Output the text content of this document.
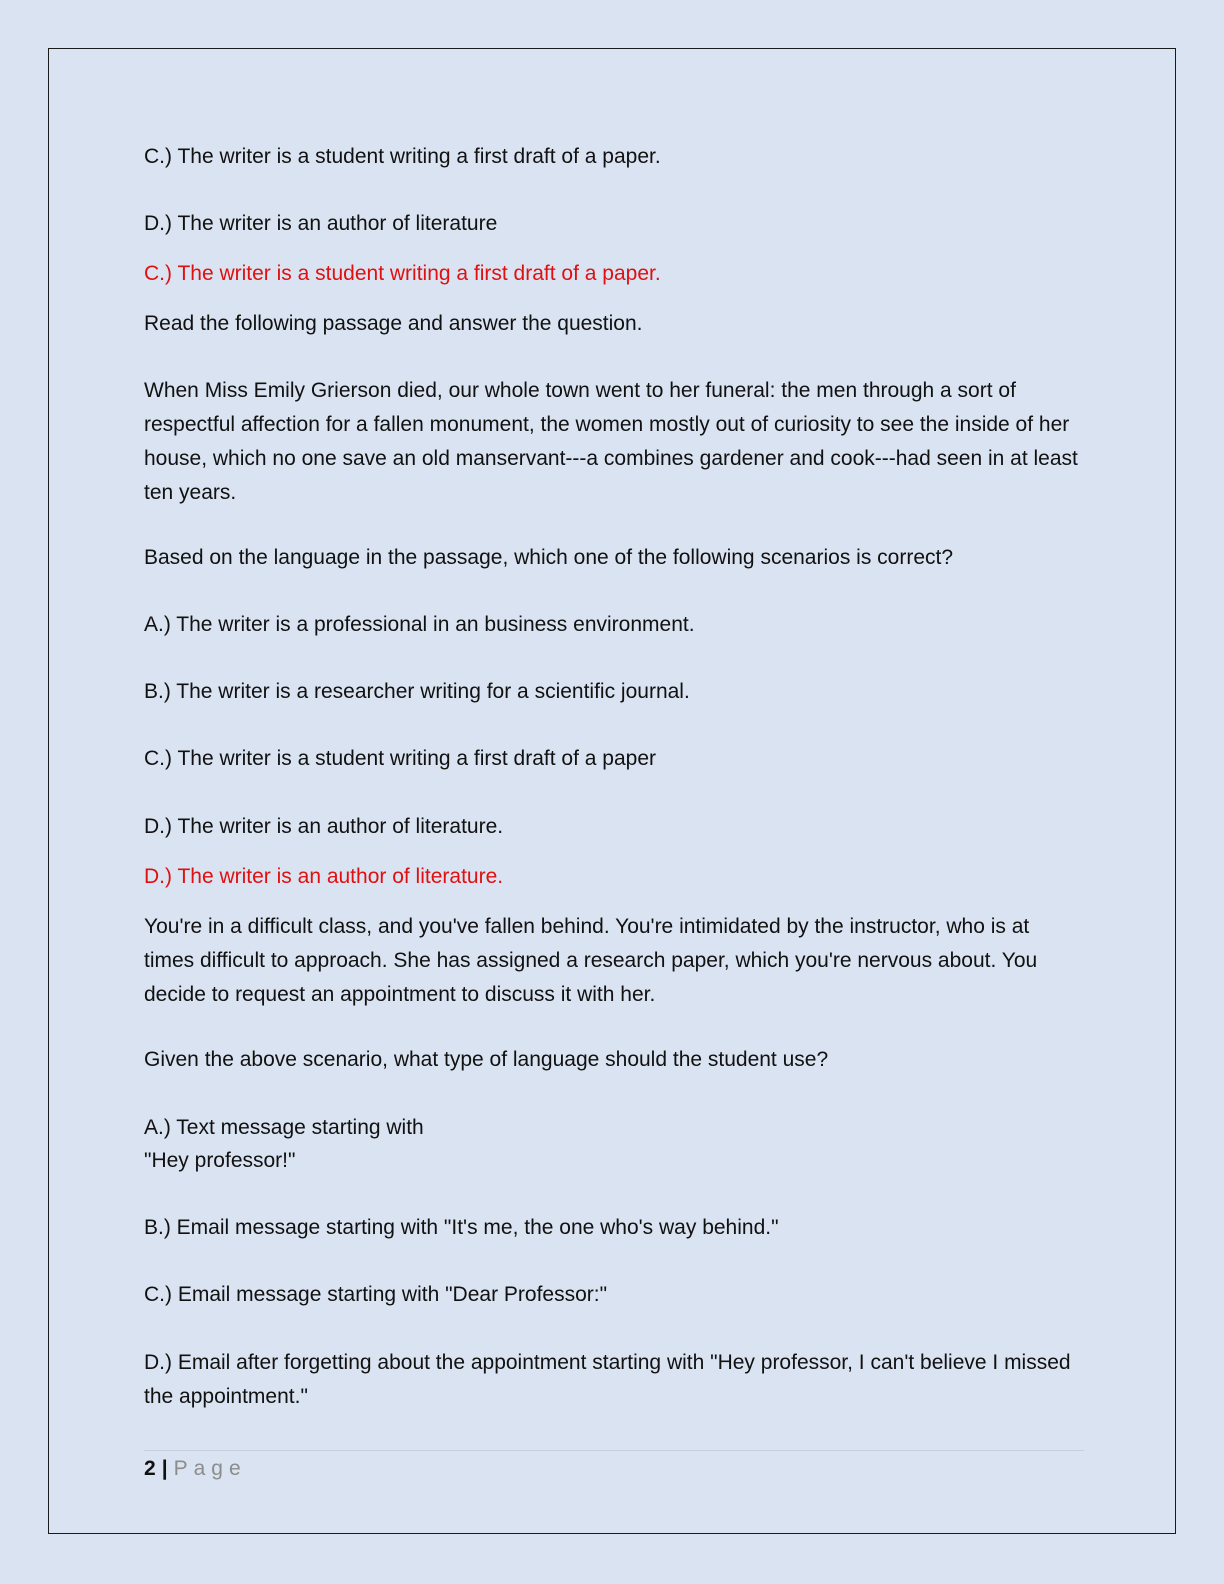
C.) The writer is a student writing a first draft of a paper.

D.) The writer is an author of literature

C.) The writer is a student writing a first draft of a paper.

Read the following passage and answer the question.

When Miss Emily Grierson died, our whole town went to her funeral: the men through a sort of respectful affection for a fallen monument, the women mostly out of curiosity to see the inside of her house, which no one save an old manservant---a combines gardener and cook---had seen in at least ten years.

Based on the language in the passage, which one of the following scenarios is correct?

A.) The writer is a professional in an business environment.

B.) The writer is a researcher writing for a scientific journal.

C.) The writer is a student writing a first draft of a paper

D.) The writer is an author of literature.

D.) The writer is an author of literature.

You're in a difficult class, and you've fallen behind. You're intimidated by the instructor, who is at times difficult to approach. She has assigned a research paper, which you're nervous about. You decide to request an appointment to discuss it with her.

Given the above scenario, what type of language should the student use?

A.) Text message starting with

"Hey professor!"

B.) Email message starting with "It's me, the one who's way behind."

C.) Email message starting with "Dear Professor:"

D.) Email after forgetting about the appointment starting with "Hey professor, I can't believe I missed the appointment."

2 | Page
